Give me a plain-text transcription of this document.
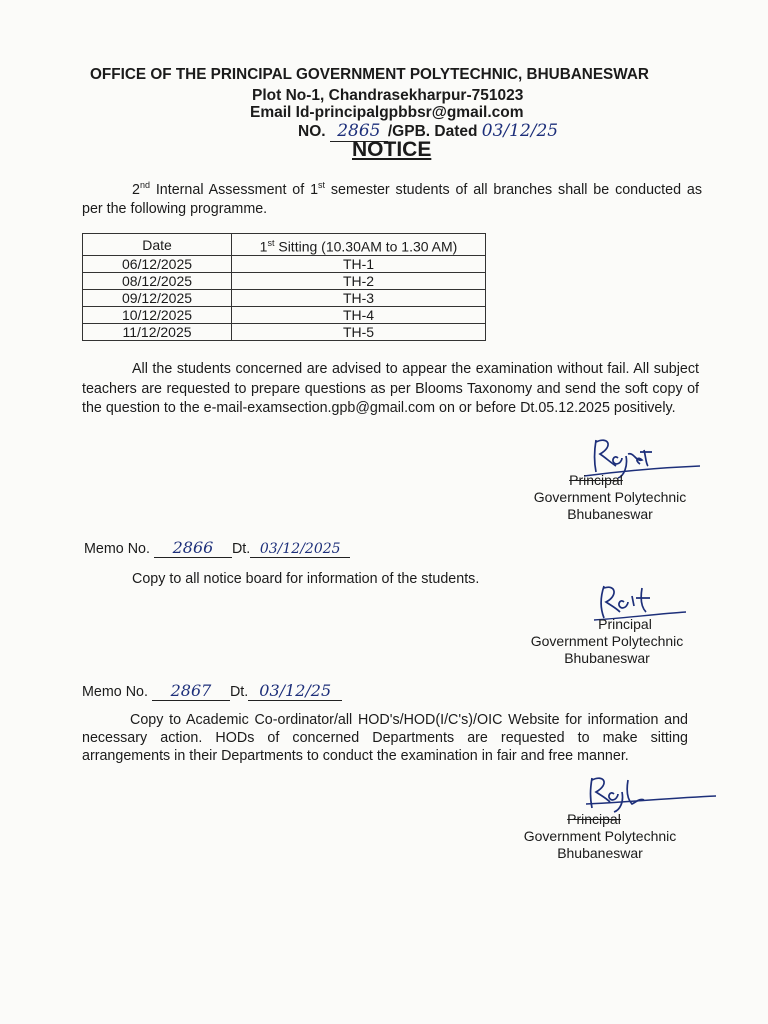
OFFICE OF THE PRINCIPAL GOVERNMENT POLYTECHNIC, BHUBANESWAR
Plot No-1, Chandrasekharpur-751023
Email Id-principalgpbbsr@gmail.com
NO. 2865 /GPB. Dated 03/12/25
NOTICE
2nd Internal Assessment of 1st semester students of all branches shall be conducted as per the following programme.
Date	1st Sitting (10.30AM to 1.30 AM)
06/12/2025	TH-1
08/12/2025	TH-2
09/12/2025	TH-3
10/12/2025	TH-4
11/12/2025	TH-5
All the students concerned are advised to appear the examination without fail. All subject teachers are requested to prepare questions as per Blooms Taxonomy and send the soft copy of the question to the e-mail-examsection.gpb@gmail.com on or before Dt.05.12.2025 positively.
Principal
Government Polytechnic
Bhubaneswar
Memo No. 2866 Dt. 03/12/2025
Copy to all notice board for information of the students.
Principal
Government Polytechnic
Bhubaneswar
Memo No. 2867 Dt. 03/12/25
Copy to Academic Co-ordinator/all HOD's/HOD(I/C's)/OIC Website for information and necessary action. HODs of concerned Departments are requested to make sitting arrangements in their Departments to conduct the examination in fair and free manner.
Principal
Government Polytechnic
Bhubaneswar
